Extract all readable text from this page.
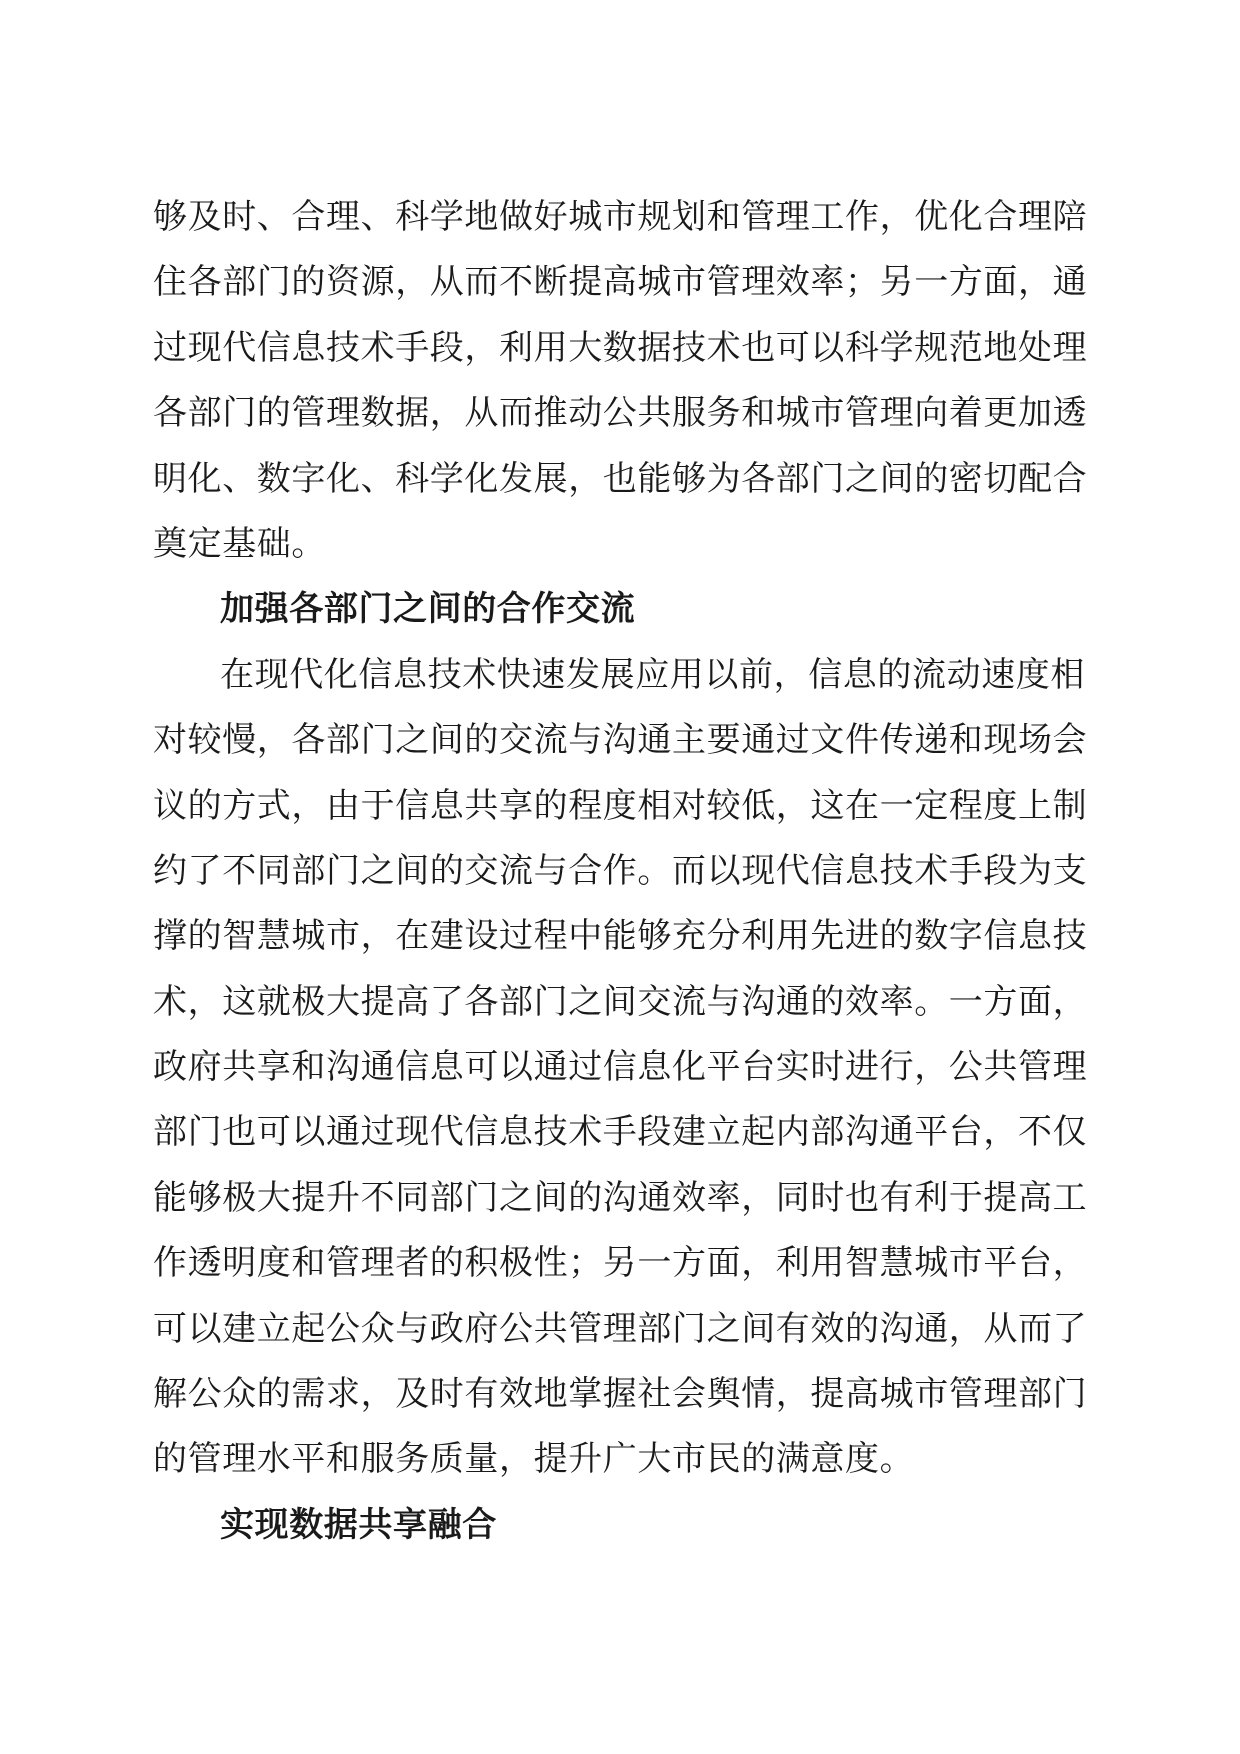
够及时、合理、科学地做好城市规划和管理工作，优化合理陪
住各部门的资源，从而不断提高城市管理效率；另一方面，通
过现代信息技术手段，利用大数据技术也可以科学规范地处理
各部门的管理数据，从而推动公共服务和城市管理向着更加透
明化、数字化、科学化发展，也能够为各部门之间的密切配合
奠定基础。
加强各部门之间的合作交流
在现代化信息技术快速发展应用以前，信息的流动速度相
对较慢，各部门之间的交流与沟通主要通过文件传递和现场会
议的方式，由于信息共享的程度相对较低，这在一定程度上制
约了不同部门之间的交流与合作。而以现代信息技术手段为支
撑的智慧城市，在建设过程中能够充分利用先进的数字信息技
术，这就极大提高了各部门之间交流与沟通的效率。一方面，
政府共享和沟通信息可以通过信息化平台实时进行，公共管理
部门也可以通过现代信息技术手段建立起内部沟通平台，不仅
能够极大提升不同部门之间的沟通效率，同时也有利于提高工
作透明度和管理者的积极性；另一方面，利用智慧城市平台，
可以建立起公众与政府公共管理部门之间有效的沟通，从而了
解公众的需求，及时有效地掌握社会舆情，提高城市管理部门
的管理水平和服务质量，提升广大市民的满意度。
实现数据共享融合
